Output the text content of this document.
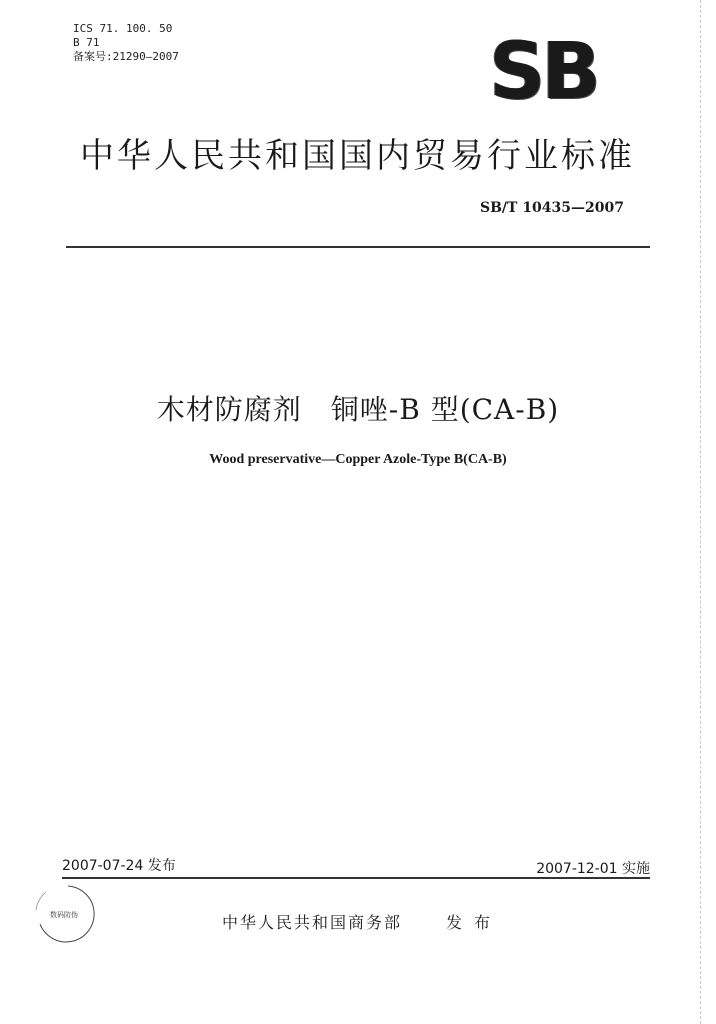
ICS 71. 100. 50
B 71
备案号:21290—2007	SB
中华人民共和国国内贸易行业标准
SB/T 10435—2007
木材防腐剂　铜唑-B 型(CA-B)
Wood preservative—Copper Azole-Type B(CA-B)
2007-07-24 发布	2007-12-01 实施
数码防伪	中华人民共和国商务部	发布
